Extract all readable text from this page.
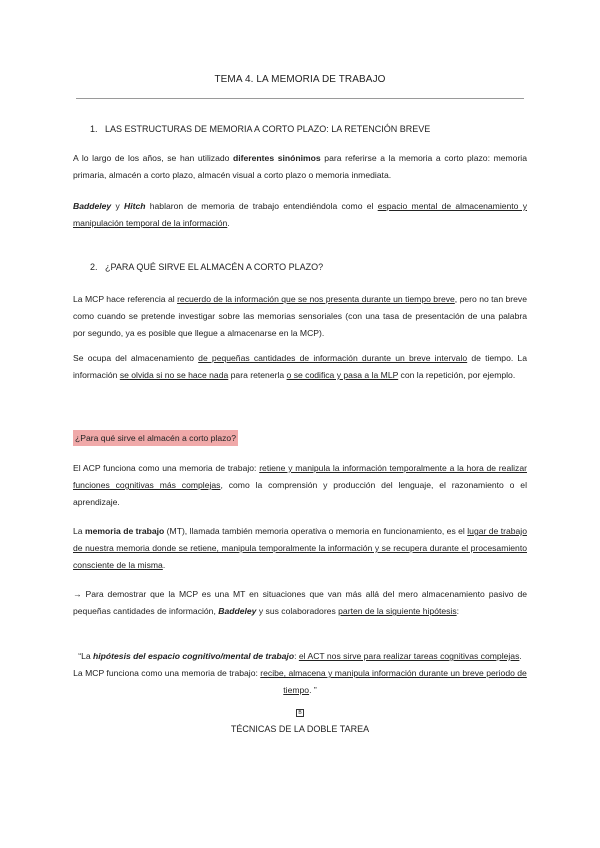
TEMA 4. LA MEMORIA DE TRABAJO
1. LAS ESTRUCTURAS DE MEMORIA A CORTO PLAZO: LA RETENCIÓN BREVE
A lo largo de los años, se han utilizado diferentes sinónimos para referirse a la memoria a corto plazo: memoria primaria, almacén a corto plazo, almacén visual a corto plazo o memoria inmediata.
Baddeley y Hitch hablaron de memoria de trabajo entendiéndola como el espacio mental de almacenamiento y manipulación temporal de la información.
2. ¿PARA QUÉ SIRVE EL ALMACÉN A CORTO PLAZO?
La MCP hace referencia al recuerdo de la información que se nos presenta durante un tiempo breve, pero no tan breve como cuando se pretende investigar sobre las memorias sensoriales (con una tasa de presentación de una palabra por segundo, ya es posible que llegue a almacenarse en la MCP).
Se ocupa del almacenamiento de pequeñas cantidades de información durante un breve intervalo de tiempo. La información se olvida si no se hace nada para retenerla o se codifica y pasa a la MLP con la repetición, por ejemplo.
¿Para qué sirve el almacén a corto plazo?
El ACP funciona como una memoria de trabajo: retiene y manipula la información temporalmente a la hora de realizar funciones cognitivas más complejas, como la comprensión y producción del lenguaje, el razonamiento o el aprendizaje.
La memoria de trabajo (MT), llamada también memoria operativa o memoria en funcionamiento, es el lugar de trabajo de nuestra memoria donde se retiene, manipula temporalmente la información y se recupera durante el procesamiento consciente de la misma.
→ Para demostrar que la MCP es una MT en situaciones que van más allá del mero almacenamiento pasivo de pequeñas cantidades de información, Baddeley y sus colaboradores parten de la siguiente hipótesis:
“La hipótesis del espacio cognitivo/mental de trabajo: el ACT nos sirve para realizar tareas cognitivas complejas. La MCP funciona como una memoria de trabajo: recibe, almacena y manipula información durante un breve periodo de tiempo. ”
B
TÉCNICAS DE LA DOBLE TAREA
